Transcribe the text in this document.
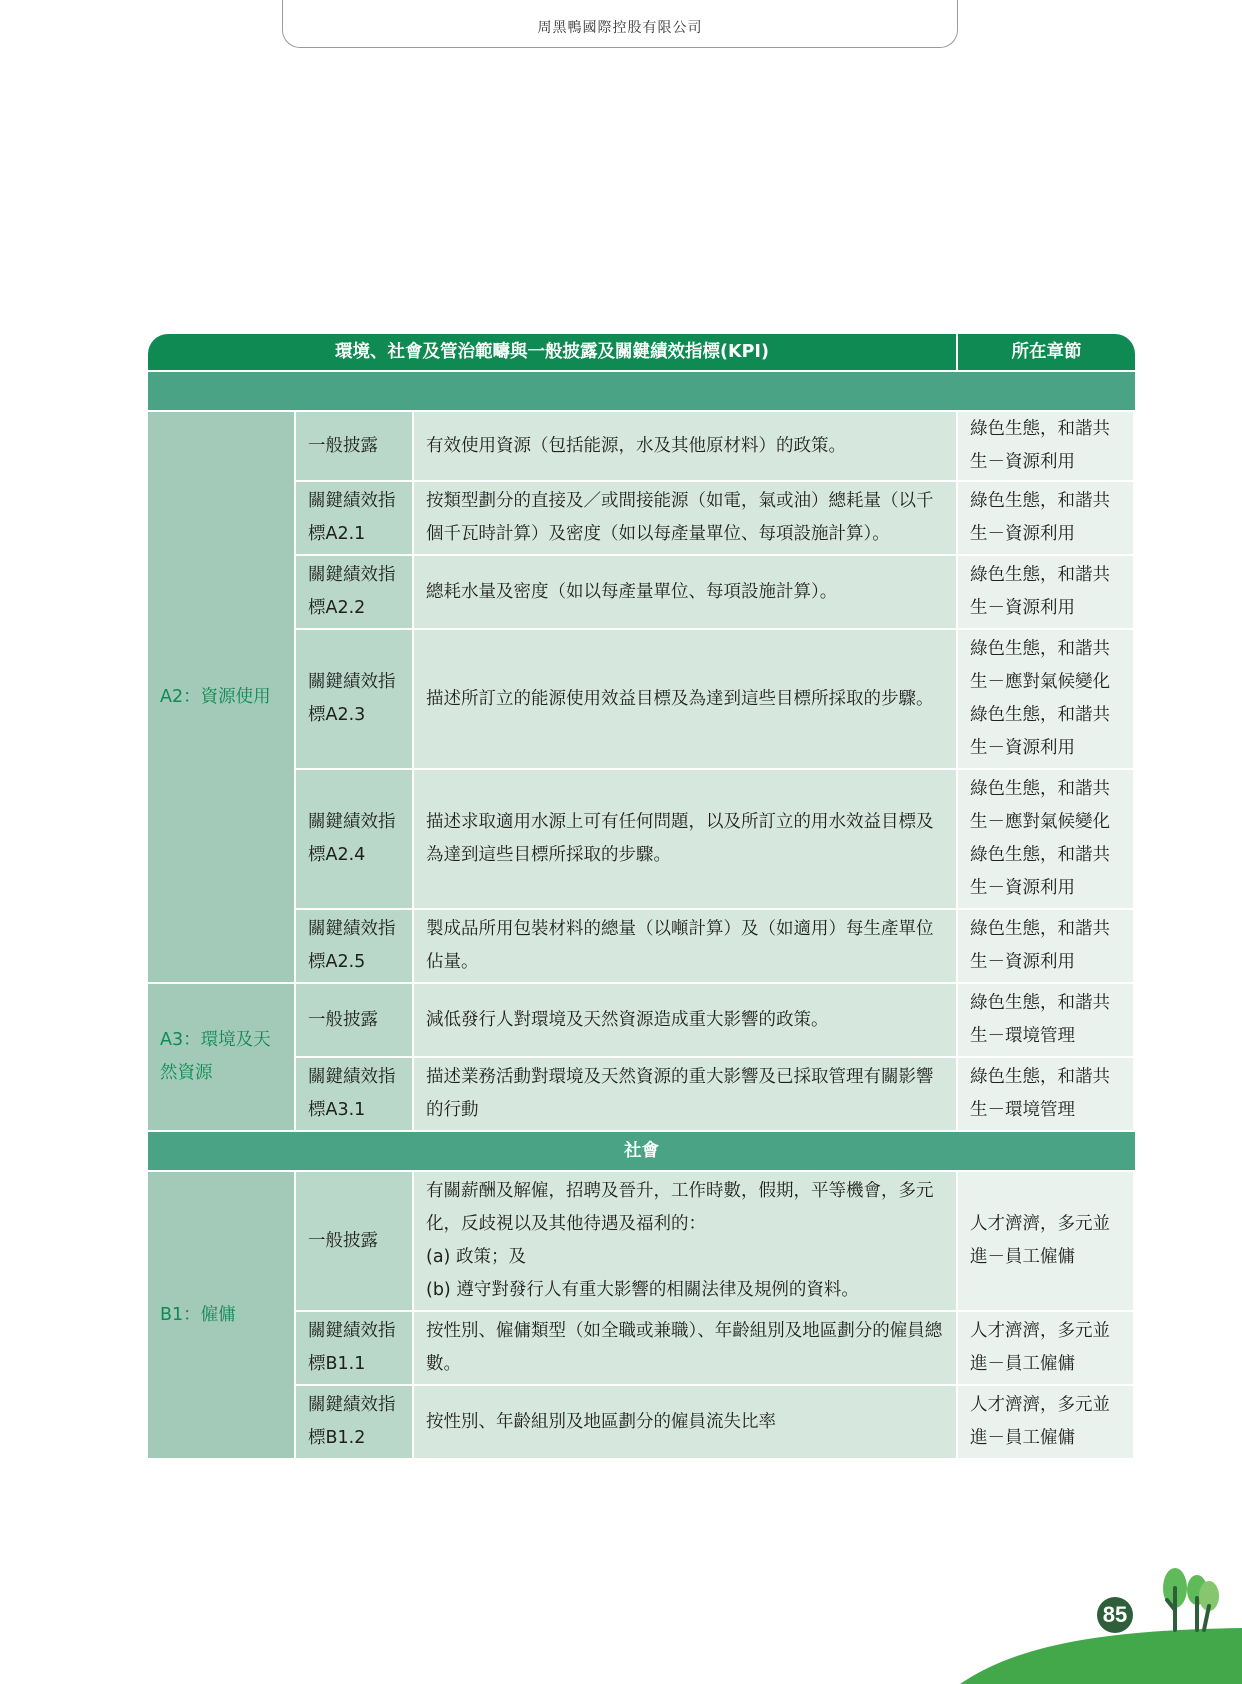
周黑鴨國際控股有限公司
環境、社會及管治範疇與一般披露及關鍵績效指標(KPI)			所在章節

A2：資源使用	一般披露	有效使用資源（包括能源，水及其他原材料）的政策。	綠色生態，和諧共生－資源利用
	關鍵績效指標A2.1	按類型劃分的直接及／或間接能源（如電，氣或油）總耗量（以千個千瓦時計算）及密度（如以每產量單位、每項設施計算）。	綠色生態，和諧共生－資源利用
	關鍵績效指標A2.2	總耗水量及密度（如以每產量單位、每項設施計算）。	綠色生態，和諧共生－資源利用
	關鍵績效指標A2.3	描述所訂立的能源使用效益目標及為達到這些目標所採取的步驟。	綠色生態，和諧共生－應對氣候變化綠色生態，和諧共生－資源利用
	關鍵績效指標A2.4	描述求取適用水源上可有任何問題，以及所訂立的用水效益目標及為達到這些目標所採取的步驟。	綠色生態，和諧共生－應對氣候變化綠色生態，和諧共生－資源利用
	關鍵績效指標A2.5	製成品所用包裝材料的總量（以噸計算）及（如適用）每生產單位佔量。	綠色生態，和諧共生－資源利用
A3：環境及天然資源	一般披露	減低發行人對環境及天然資源造成重大影響的政策。	綠色生態，和諧共生－環境管理
	關鍵績效指標A3.1	描述業務活動對環境及天然資源的重大影響及已採取管理有關影響的行動	綠色生態，和諧共生－環境管理
社會			
B1：僱傭	一般披露	有關薪酬及解僱，招聘及晉升，工作時數，假期，平等機會，多元化，反歧視以及其他待遇及福利的：
(a) 政策；及
(b) 遵守對發行人有重大影響的相關法律及規例的資料。	人才濟濟，多元並進－員工僱傭
	關鍵績效指標B1.1	按性別、僱傭類型（如全職或兼職）、年齡組別及地區劃分的僱員總數。	人才濟濟，多元並進－員工僱傭
	關鍵績效指標B1.2	按性別、年齡組別及地區劃分的僱員流失比率	人才濟濟，多元並進－員工僱傭
85
